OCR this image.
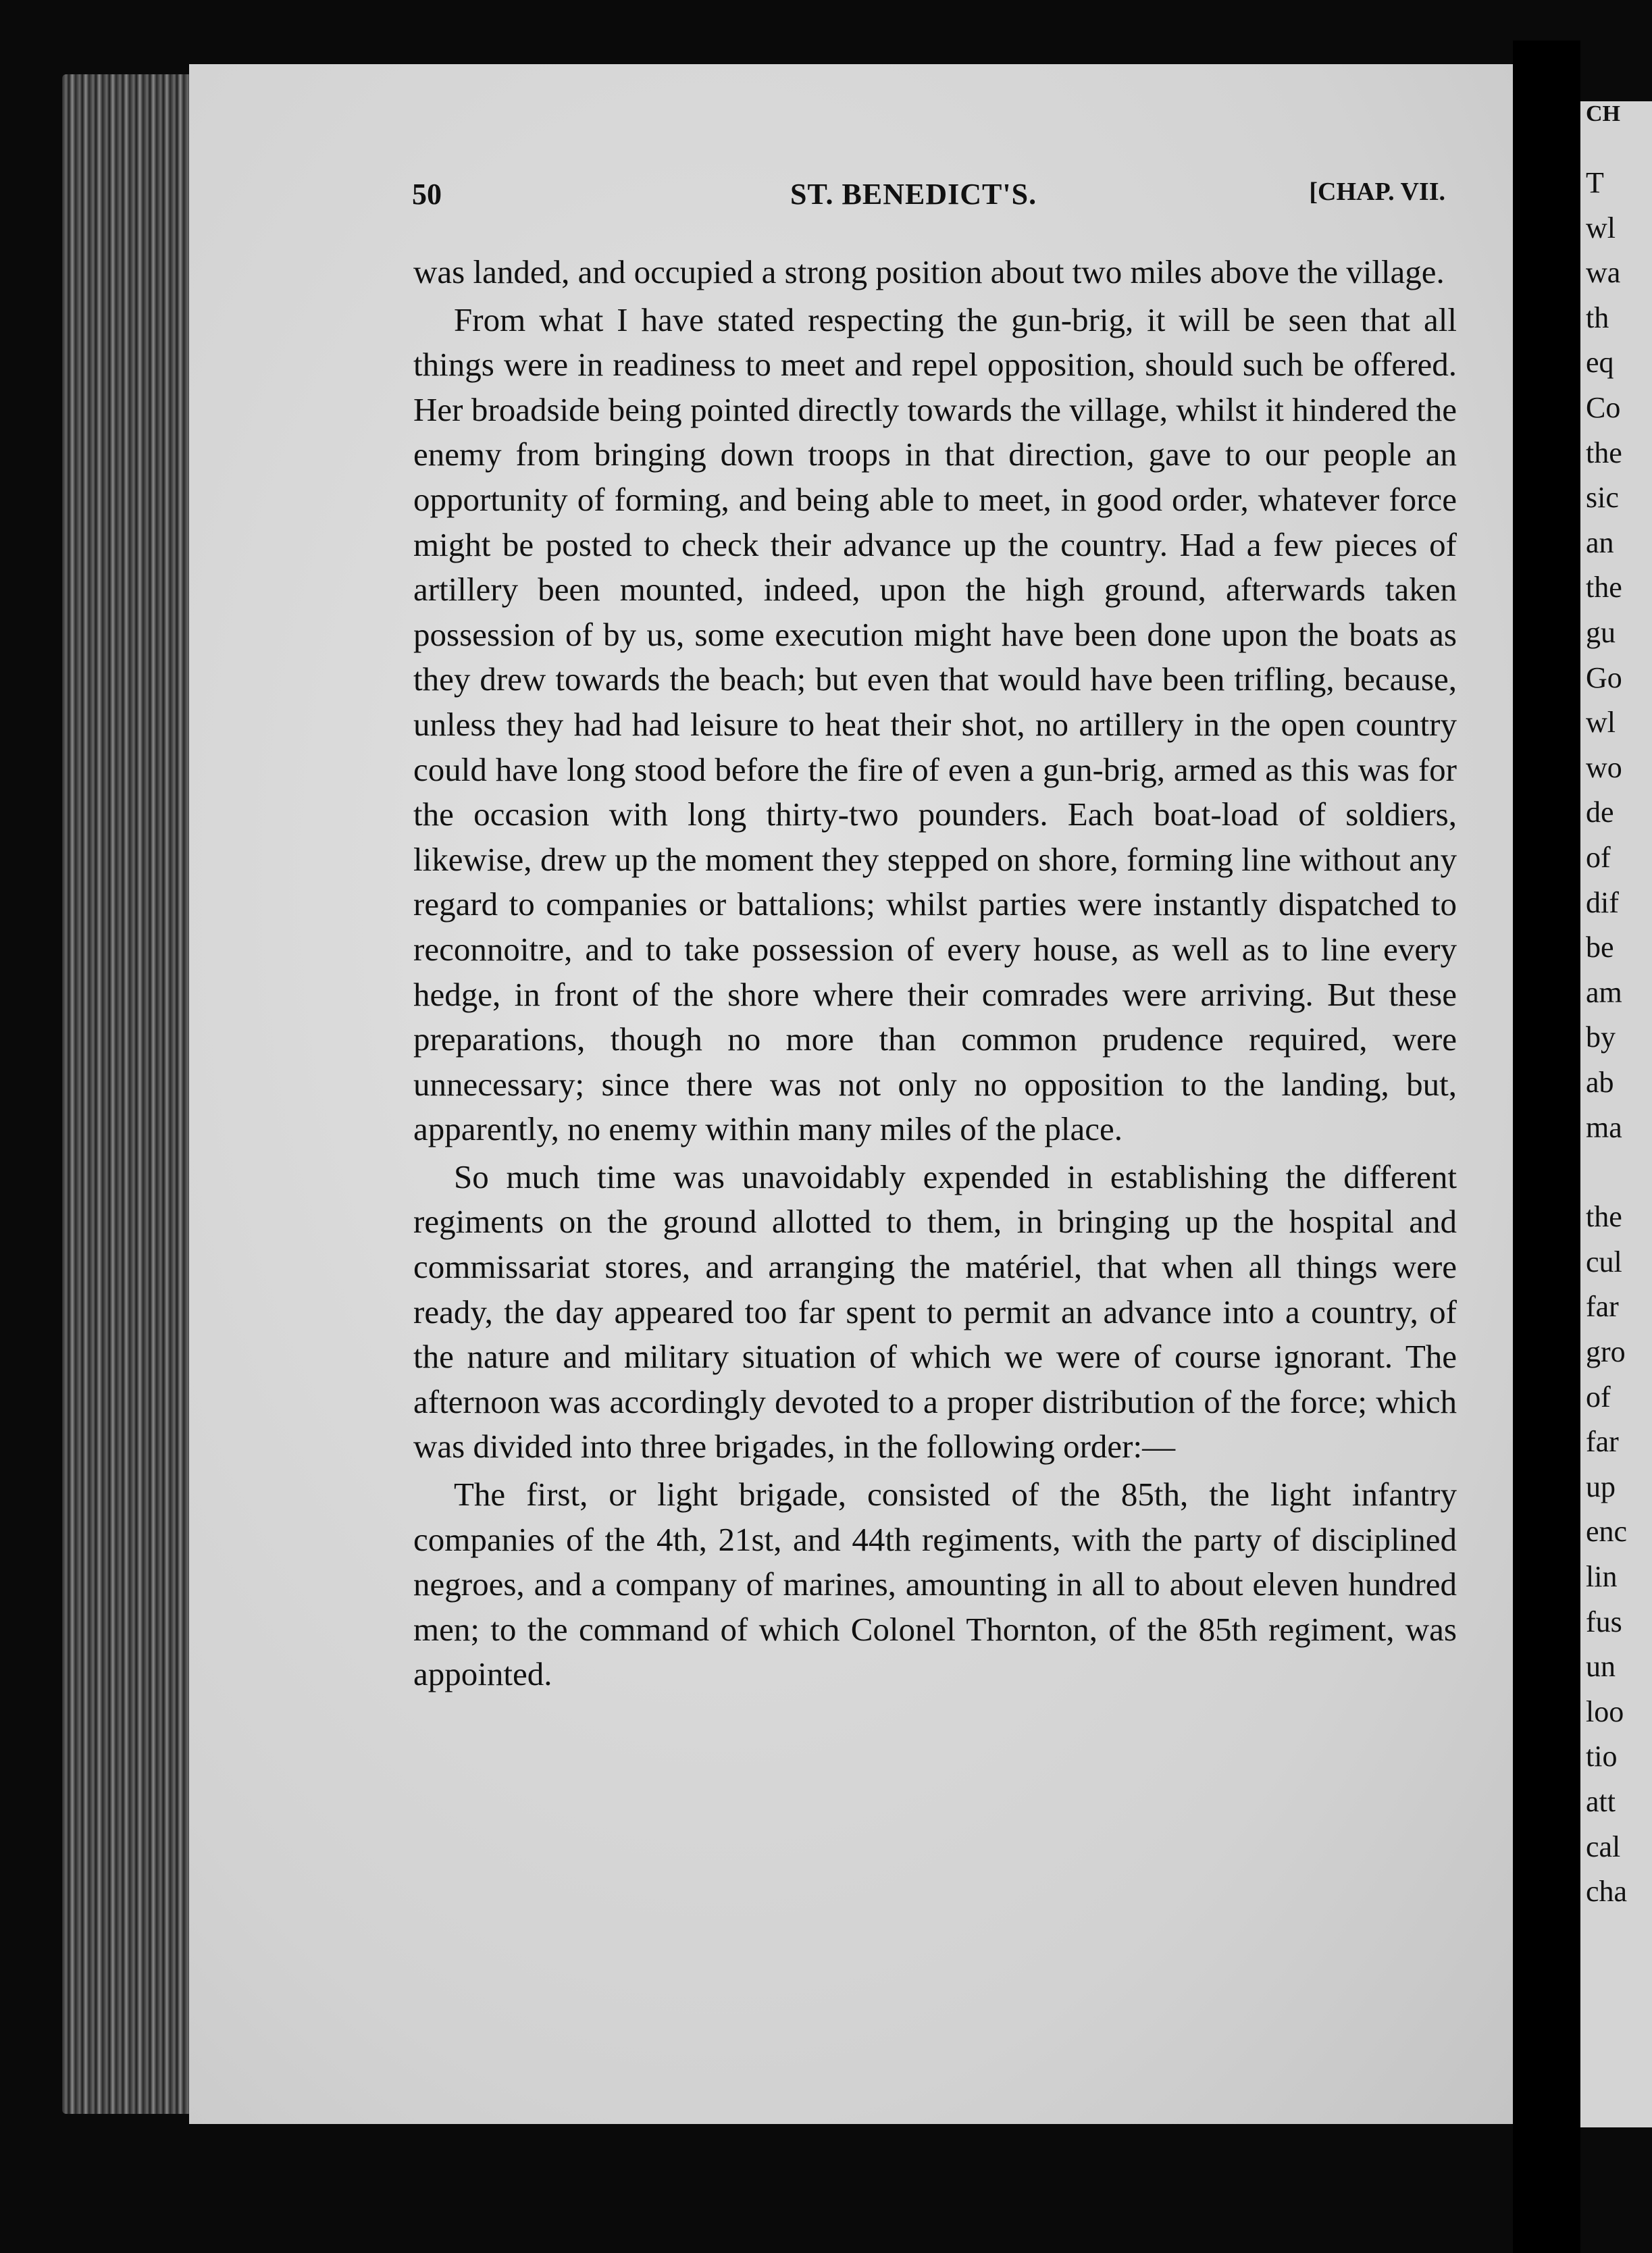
CH
T
wl
wa
th
eq
Co
the
sic
an
the
gu
Go
wl
wo
de
of
dif
be
am
by
ab
ma
the
cul
far
gro
of
far
up
enc
lin
fus
un
loo
tio
att
cal
cha
50	ST. BENEDICT'S.	[CHAP. VII.

was landed, and occupied a strong position about two miles above the village.

From what I have stated respecting the gun-brig, it will be seen that all things were in readiness to meet and repel opposition, should such be offered. Her broadside being pointed directly towards the village, whilst it hindered the enemy from bringing down troops in that direction, gave to our people an opportunity of forming, and being able to meet, in good order, whatever force might be posted to check their advance up the country. Had a few pieces of artillery been mounted, indeed, upon the high ground, afterwards taken possession of by us, some execution might have been done upon the boats as they drew towards the beach; but even that would have been trifling, because, unless they had had leisure to heat their shot, no artillery in the open country could have long stood before the fire of even a gun-brig, armed as this was for the occasion with long thirty-two pounders. Each boat-load of soldiers, likewise, drew up the moment they stepped on shore, forming line without any regard to companies or battalions; whilst parties were instantly dispatched to reconnoitre, and to take possession of every house, as well as to line every hedge, in front of the shore where their comrades were arriving. But these preparations, though no more than common prudence required, were unnecessary; since there was not only no opposition to the landing, but, apparently, no enemy within many miles of the place.

So much time was unavoidably expended in establishing the different regiments on the ground allotted to them, in bringing up the hospital and commissariat stores, and arranging the matériel, that when all things were ready, the day appeared too far spent to permit an advance into a country, of the nature and military situation of which we were of course ignorant. The afternoon was accordingly devoted to a proper distribution of the force; which was divided into three brigades, in the following order:—

The first, or light brigade, consisted of the 85th, the light infantry companies of the 4th, 21st, and 44th regiments, with the party of disciplined negroes, and a company of marines, amounting in all to about eleven hundred men; to the command of which Colonel Thornton, of the 85th regiment, was appointed.
